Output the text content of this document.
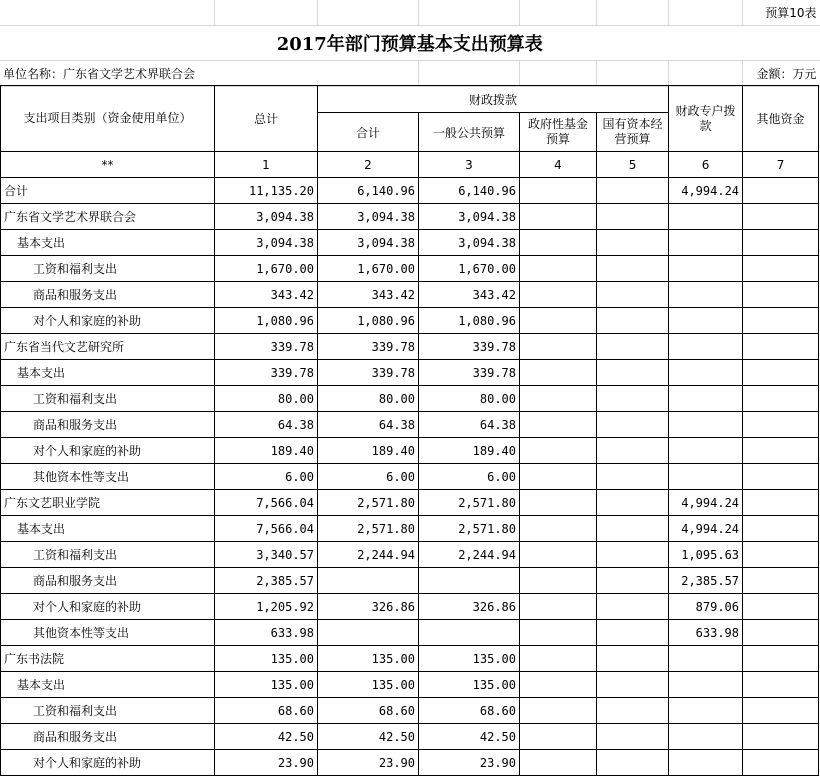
							预算10表
2017年部门预算基本支出预算表							
单位名称：广东省文学艺术界联合会							金额：万元
支出项目类别（资金使用单位）	总计	财政拨款				财政专户拨款	其他资金
		合计	一般公共预算	政府性基金预算	国有资本经营预算		
**	1	2	3	4	5	6	7
合计	11,135.20	6,140.96	6,140.96			4,994.24	
广东省文学艺术界联合会	3,094.38	3,094.38	3,094.38				
基本支出	3,094.38	3,094.38	3,094.38				
工资和福利支出	1,670.00	1,670.00	1,670.00				
商品和服务支出	343.42	343.42	343.42				
对个人和家庭的补助	1,080.96	1,080.96	1,080.96				
广东省当代文艺研究所	339.78	339.78	339.78				
基本支出	339.78	339.78	339.78				
工资和福利支出	80.00	80.00	80.00				
商品和服务支出	64.38	64.38	64.38				
对个人和家庭的补助	189.40	189.40	189.40				
其他资本性等支出	6.00	6.00	6.00				
广东文艺职业学院	7,566.04	2,571.80	2,571.80			4,994.24	
基本支出	7,566.04	2,571.80	2,571.80			4,994.24	
工资和福利支出	3,340.57	2,244.94	2,244.94			1,095.63	
商品和服务支出	2,385.57					2,385.57	
对个人和家庭的补助	1,205.92	326.86	326.86			879.06	
其他资本性等支出	633.98					633.98	
广东书法院	135.00	135.00	135.00				
基本支出	135.00	135.00	135.00				
工资和福利支出	68.60	68.60	68.60				
商品和服务支出	42.50	42.50	42.50				
对个人和家庭的补助	23.90	23.90	23.90				
